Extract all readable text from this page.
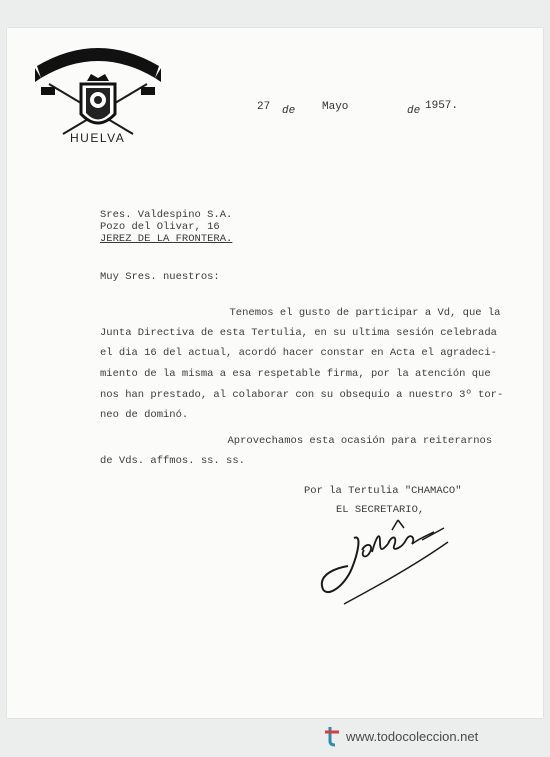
HUELVA
27 de Mayo	de 1957.
Sres. Valdespino S.A.
Pozo del Olivar, 16
JEREZ DE LA FRONTERA.
Muy Sres. nuestros:
Tenemos el gusto de participar a Vd, que la
Junta Directiva de esta Tertulia, en su ultima sesión celebrada
el dia 16 del actual, acordó hacer constar en Acta el agradeci-
miento de la misma a esa respetable firma, por la atención que
nos han prestado, al colaborar con su obsequio a nuestro 3º tor-
neo de dominó.
Aprovechamos esta ocasión para reiterarnos
de Vds. affmos. ss. ss.
Por la Tertulia "CHAMACO"
EL SECRETARIO,
www.todocoleccion.net
